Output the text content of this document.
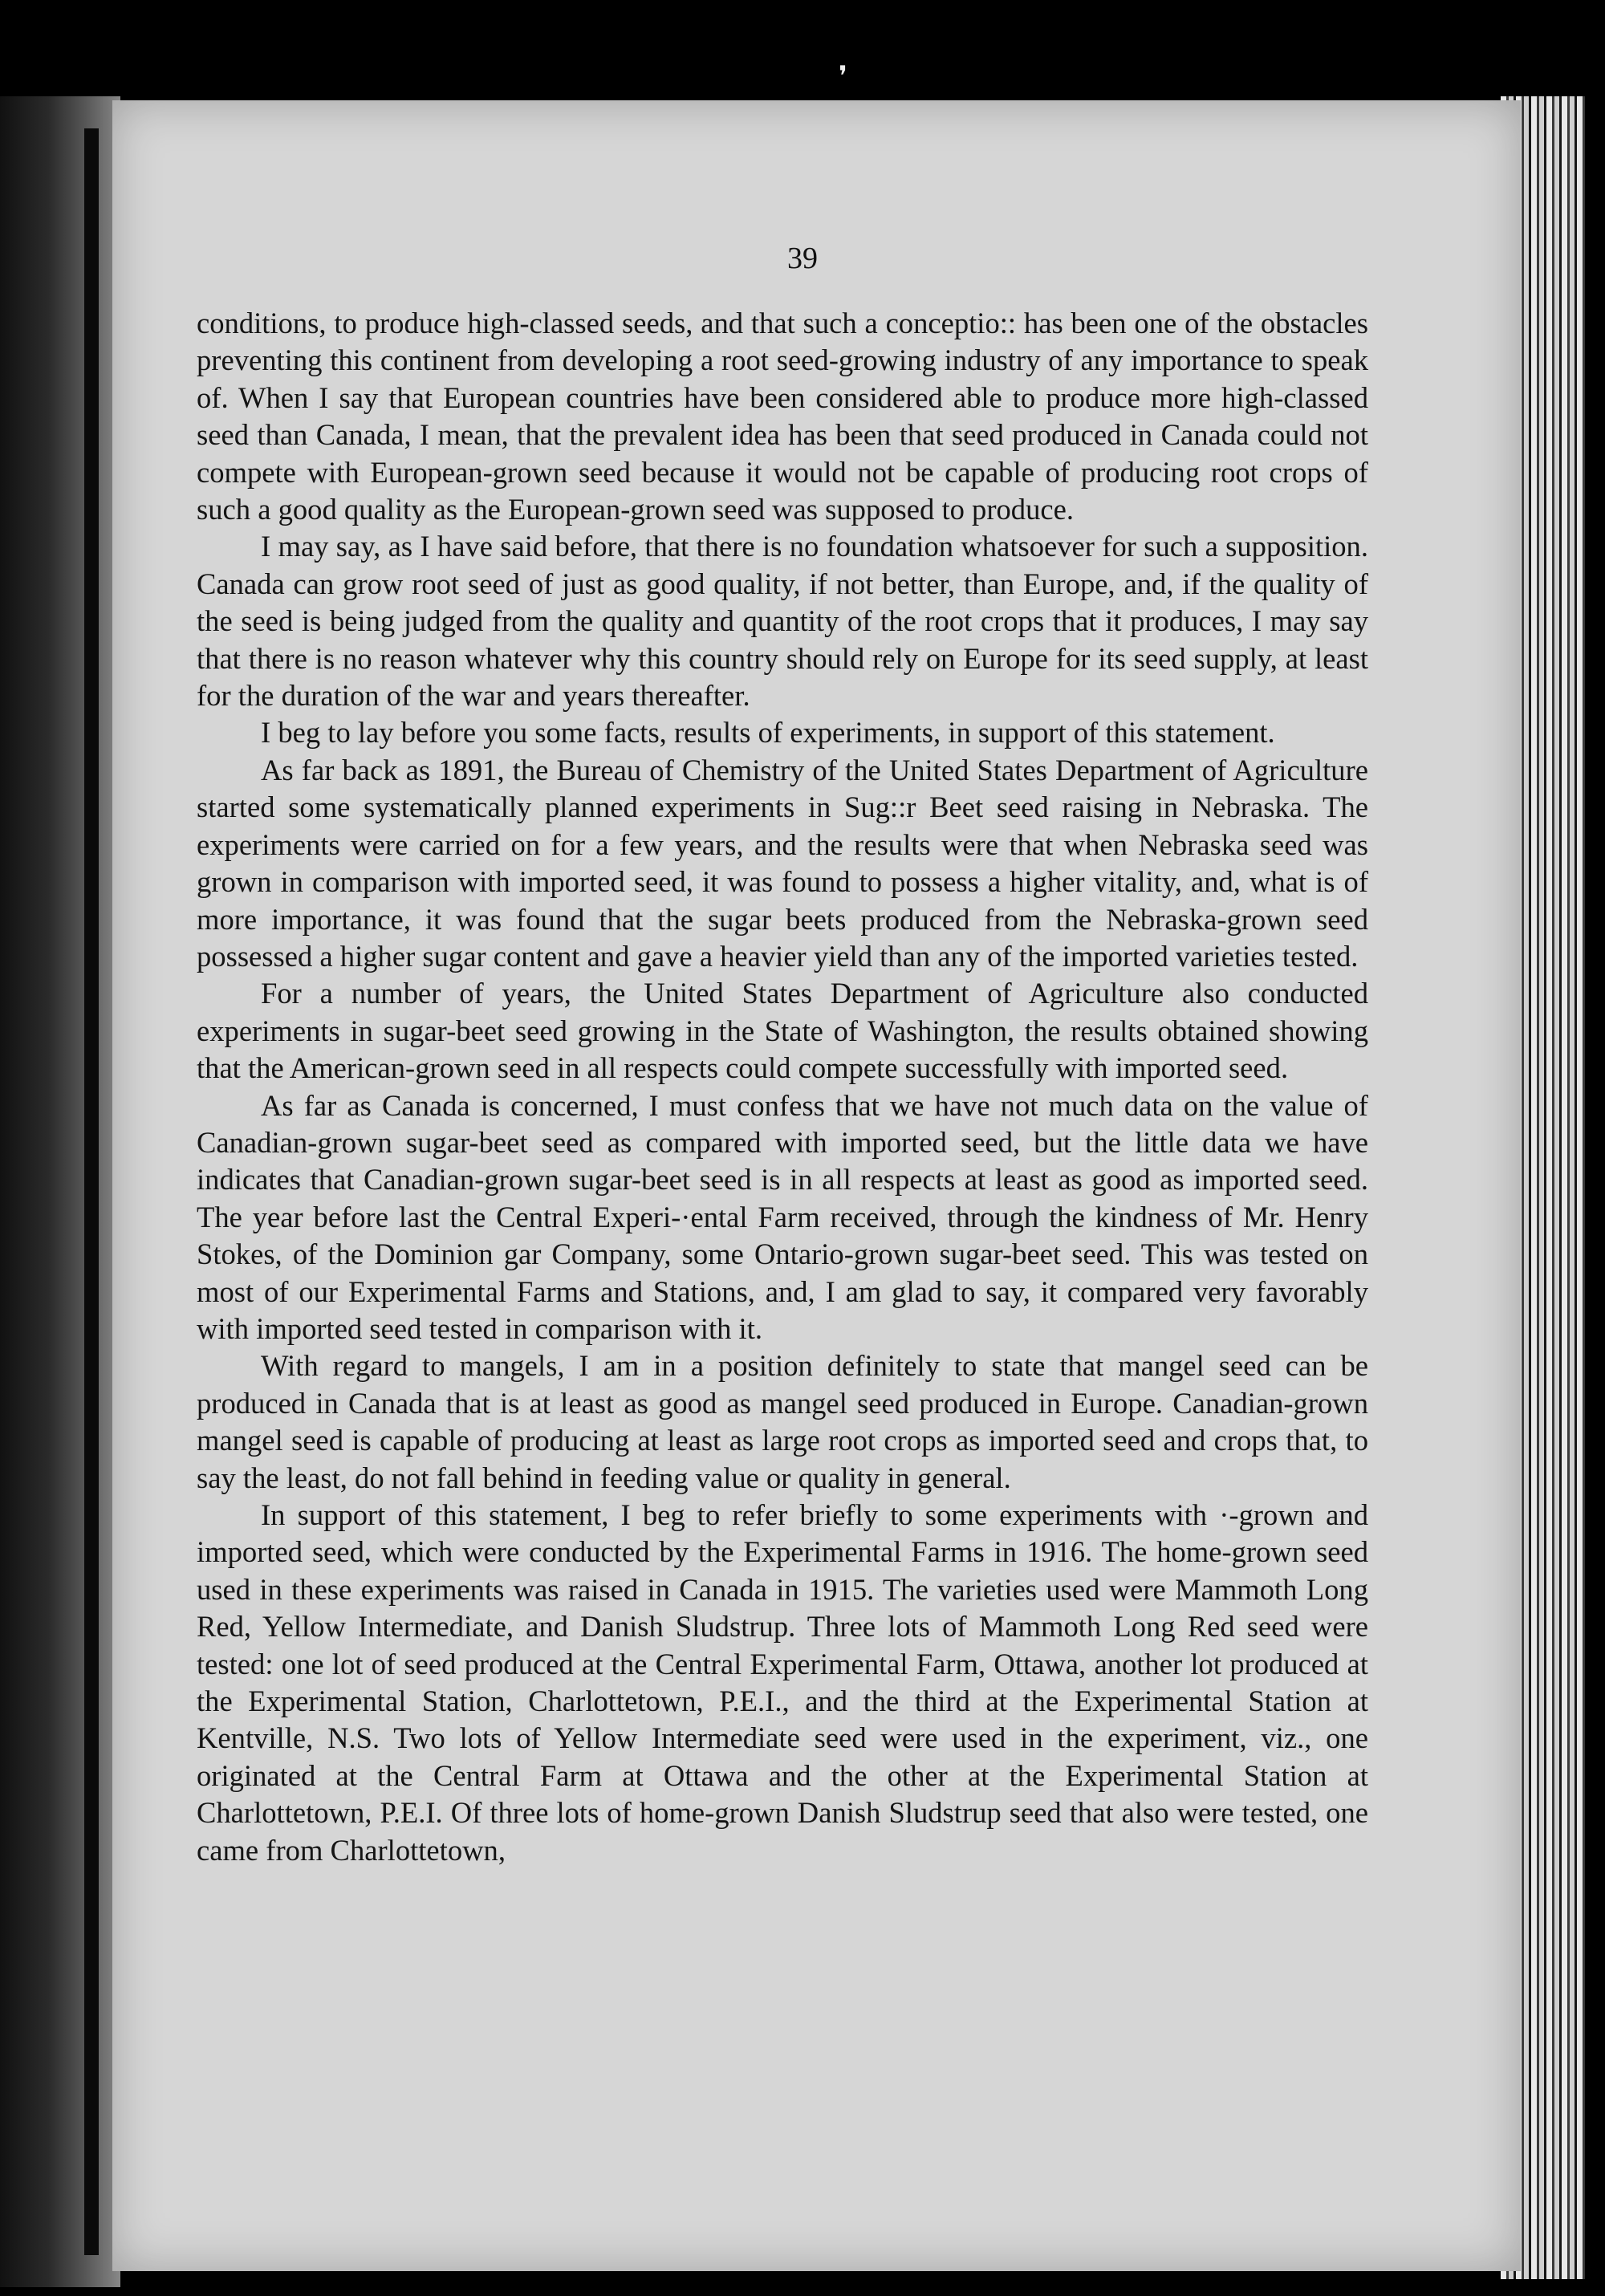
❜
39

conditions, to produce high-classed seeds, and that such a conceptio:: has been one of the obstacles preventing this continent from developing a root seed-growing industry of any importance to speak of. When I say that European countries have been considered able to produce more high-classed seed than Canada, I mean, that the prevalent idea has been that seed produced in Canada could not compete with European-grown seed because it would not be capable of producing root crops of such a good quality as the European-grown seed was supposed to produce.

I may say, as I have said before, that there is no foundation whatsoever for such a supposition. Canada can grow root seed of just as good quality, if not better, than Europe, and, if the quality of the seed is being judged from the quality and quantity of the root crops that it produces, I may say that there is no reason whatever why this country should rely on Europe for its seed supply, at least for the duration of the war and years thereafter.

I beg to lay before you some facts, results of experiments, in support of this statement.

As far back as 1891, the Bureau of Chemistry of the United States Department of Agriculture started some systematically planned experiments in Sug::r Beet seed raising in Nebraska. The experiments were carried on for a few years, and the results were that when Nebraska seed was grown in comparison with imported seed, it was found to possess a higher vitality, and, what is of more importance, it was found that the sugar beets produced from the Nebraska-grown seed possessed a higher sugar content and gave a heavier yield than any of the imported varieties tested.

For a number of years, the United States Department of Agriculture also conducted experiments in sugar-beet seed growing in the State of Washington, the results obtained showing that the American-grown seed in all respects could compete successfully with imported seed.

As far as Canada is concerned, I must confess that we have not much data on the value of Canadian-grown sugar-beet seed as compared with imported seed, but the little data we have indicates that Canadian-grown sugar-beet seed is in all respects at least as good as imported seed. The year before last the Central Experi-·ental Farm received, through the kindness of Mr. Henry Stokes, of the Dominion gar Company, some Ontario-grown sugar-beet seed. This was tested on most of our Experimental Farms and Stations, and, I am glad to say, it compared very favorably with imported seed tested in comparison with it.

With regard to mangels, I am in a position definitely to state that mangel seed can be produced in Canada that is at least as good as mangel seed produced in Europe. Canadian-grown mangel seed is capable of producing at least as large root crops as imported seed and crops that, to say the least, do not fall behind in feeding value or quality in general.

In support of this statement, I beg to refer briefly to some experiments with ·-grown and imported seed, which were conducted by the Experimental Farms in 1916. The home-grown seed used in these experiments was raised in Canada in 1915. The varieties used were Mammoth Long Red, Yellow Intermediate, and Danish Sludstrup. Three lots of Mammoth Long Red seed were tested: one lot of seed produced at the Central Experimental Farm, Ottawa, another lot produced at the Experimental Station, Charlottetown, P.E.I., and the third at the Experimental Station at Kentville, N.S. Two lots of Yellow Intermediate seed were used in the experiment, viz., one originated at the Central Farm at Ottawa and the other at the Experimental Station at Charlottetown, P.E.I. Of three lots of home-grown Danish Sludstrup seed that also were tested, one came from Charlottetown,
